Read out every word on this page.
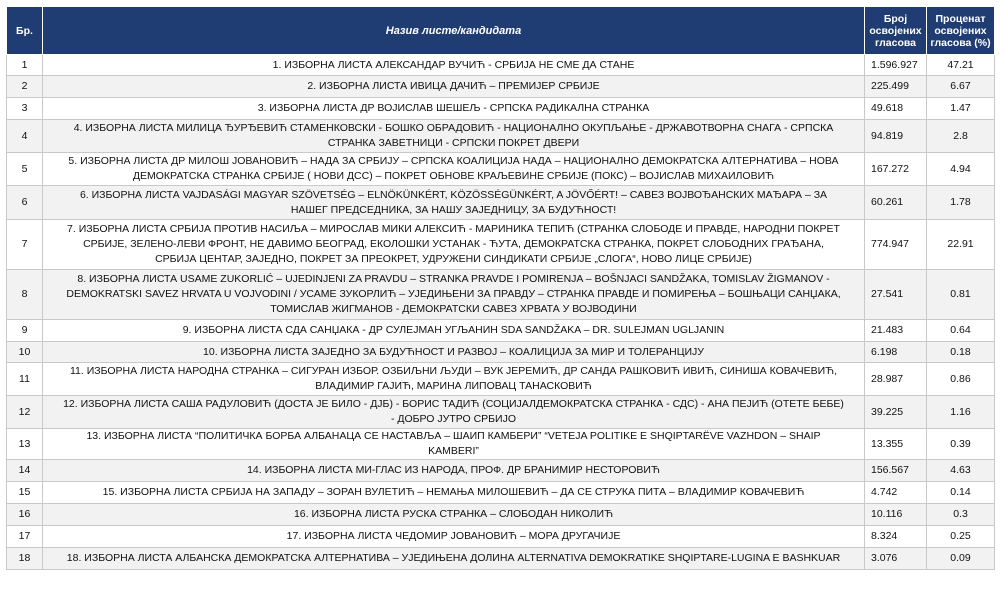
Бр.	Назив листе/кандидата	Број освојених гласова	Проценат освојених гласова (%)
1	1. ИЗБОРНА ЛИСТА АЛЕКСАНДАР ВУЧИЋ - СРБИЈА НЕ СМЕ ДА СТАНЕ	1.596.927	47.21
2	2. ИЗБОРНА ЛИСТА ИВИЦА ДАЧИЋ – ПРЕМИЈЕР СРБИЈЕ	225.499	6.67
3	3. ИЗБОРНА ЛИСТА ДР ВОЈИСЛАВ ШЕШЕЉ - СРПСКА РАДИКАЛНА СТРАНКА	49.618	1.47
4	4. ИЗБОРНА ЛИСТА МИЛИЦА ЂУРЂЕВИЋ СТАМЕНКОВСКИ - БОШКО ОБРАДОВИЋ - НАЦИОНАЛНО ОКУПЉАЊЕ - ДРЖАВОТВОРНА СНАГА - СРПСКА СТРАНКА ЗАВЕТНИЦИ - СРПСКИ ПОКРЕТ ДВЕРИ	94.819	2.8
5	5. ИЗБОРНА ЛИСТА ДР МИЛОШ ЈОВАНОВИЋ – НАДА ЗА СРБИЈУ – СРПСКА КОАЛИЦИЈА НАДА – НАЦИОНАЛНО ДЕМОКРАТСКА АЛТЕРНАТИВА – НОВА ДЕМОКРАТСКА СТРАНКА СРБИЈЕ ( НОВИ ДСС) – ПОКРЕТ ОБНОВЕ КРАЉЕВИНЕ СРБИЈЕ (ПОКС) – ВОЈИСЛАВ МИХАИЛОВИЋ	167.272	4.94
6	6. ИЗБОРНА ЛИСТА VAJDASÁGI MAGYAR SZÖVETSÉG – ELNÖKÜNKÉRT, KÖZÖSSÉGÜNKÉRT, A JÖVŐÉRT! – САВЕЗ ВОЈВОЂАНСКИХ МАЂАРА – ЗА НАШЕГ ПРЕДСЕДНИКА, ЗА НАШУ ЗАЈЕДНИЦУ, ЗА БУДУЋНОСТ!	60.261	1.78
7	7. ИЗБОРНА ЛИСТА СРБИЈА ПРОТИВ НАСИЉА – МИРОСЛАВ МИКИ АЛЕКСИЋ - МАРИНИКА ТЕПИЋ (СТРАНКА СЛОБОДЕ И ПРАВДЕ, НАРОДНИ ПОКРЕТ СРБИЈЕ, ЗЕЛЕНО-ЛЕВИ ФРОНТ, НЕ ДАВИМО БЕОГРАД, ЕКОЛОШКИ УСТАНАК - ЋУТА, ДЕМОКРАТСКА СТРАНКА, ПОКРЕТ СЛОБОДНИХ ГРАЂАНА, СРБИЈА ЦЕНТАР, ЗАЈЕДНО, ПОКРЕТ ЗА ПРЕОКРЕТ, УДРУЖЕНИ СИНДИКАТИ СРБИЈЕ „СЛОГА“, НОВО ЛИЦЕ СРБИЈЕ)	774.947	22.91
8	8. ИЗБОРНА ЛИСТА USAME ZUKORLIĆ – UJEDINJENI ZA PRAVDU – STRANKA PRAVDE I POMIRENJA – BOŠNJACI SANDŽAKA, TOMISLAV ŽIGMANOV - DEMOKRATSKI SAVEZ HRVATA U VOJVODINI / УСАМЕ ЗУКОРЛИЋ – УЈЕДИЊЕНИ ЗА ПРАВДУ – СТРАНКА ПРАВДЕ И ПОМИРЕЊА – БОШЊАЦИ САНЏАКА, ТОМИСЛАВ ЖИГМАНОВ - ДЕМОКРАТСКИ САВЕЗ ХРВАТА У ВОЈВОДИНИ	27.541	0.81
9	9. ИЗБОРНА ЛИСТА СДА САНЏАКА - ДР СУЛЕЈМАН УГЉАНИН SDA SANDŽAKA – DR. SULEJMAN UGLJANIN	21.483	0.64
10	10. ИЗБОРНА ЛИСТА ЗАЈЕДНО ЗА БУДУЋНОСТ И РАЗВОЈ – КОАЛИЦИЈА ЗА МИР И ТОЛЕРАНЦИЈУ	6.198	0.18
11	11. ИЗБОРНА ЛИСТА НАРОДНА СТРАНКА – СИГУРАН ИЗБОР. ОЗБИЉНИ ЉУДИ – ВУК ЈЕРЕМИЋ, ДР САНДА РАШКОВИЋ ИВИЋ, СИНИША КОВАЧЕВИЋ, ВЛАДИМИР ГАЈИЋ, МАРИНА ЛИПОВАЦ ТАНАСКОВИЋ	28.987	0.86
12	12. ИЗБОРНА ЛИСТА САША РАДУЛОВИЋ (ДОСТА ЈЕ БИЛО - ДЈБ) - БОРИС ТАДИЋ (СОЦИЈАЛДЕМОКРАТСКА СТРАНКА - СДС) - АНА ПЕЈИЋ (ОТЕТЕ БЕБЕ) - ДОБРО ЈУТРО СРБИЈО	39.225	1.16
13	13. ИЗБОРНА ЛИСТА “ПОЛИТИЧКА БОРБА АЛБАНАЦА СЕ НАСТАВЉА – ШАИП КАМБЕРИ” “VETEJA POLITIKE E SHQIPTARËVE VAZHDON – SHAIP KAMBERI”	13.355	0.39
14	14. ИЗБОРНА ЛИСТА МИ-ГЛАС ИЗ НАРОДА, ПРОФ. ДР БРАНИМИР НЕСТОРОВИЋ	156.567	4.63
15	15. ИЗБОРНА ЛИСТА СРБИЈА НА ЗАПАДУ – ЗОРАН ВУЛЕТИЋ – НЕМАЊА МИЛОШЕВИЋ – ДА СЕ СТРУКА ПИТА – ВЛАДИМИР КОВАЧЕВИЋ	4.742	0.14
16	16. ИЗБОРНА ЛИСТА РУСКА СТРАНКА – СЛОБОДАН НИКОЛИЋ	10.116	0.3
17	17. ИЗБОРНА ЛИСТА ЧЕДОМИР ЈОВАНОВИЋ – МОРА ДРУГАЧИЈЕ	8.324	0.25
18	18. ИЗБОРНА ЛИСТА АЛБАНСКА ДЕМОКРАТСКА АЛТЕРНАТИВА – УЈЕДИЊЕНА ДОЛИНА ALTERNATIVA DEMOKRATIKE SHQIPTARE-LUGINA E BASHKUAR	3.076	0.09
